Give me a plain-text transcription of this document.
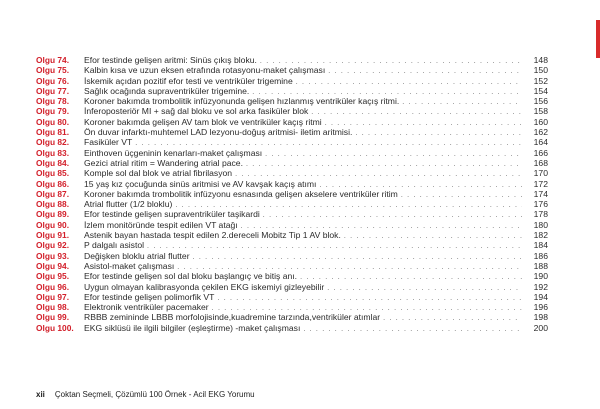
Olgu 74.	Efor testinde gelişen aritmi: Sinüs çıkış bloku. . . .	148
Olgu 75.	Kalbin kısa ve uzun eksen etrafında rotasyonu-maket çalışması . . .	150
Olgu 76.	İskemik açıdan pozitif efor testi ve ventriküler trigemine . . .	152
Olgu 77.	Sağlık ocağında supraventriküler trigemine. . . .	154
Olgu 78.	Koroner bakımda trombolitik infüzyonunda gelişen hızlanmış ventriküler kaçış ritmi. . . .	156
Olgu 79.	İnferoposteriör MI + sağ dal bloku ve sol arka fasiküler blok . . .	158
Olgu 80.	Koroner bakımda gelişen AV tam blok ve ventriküler kaçış ritmi . . .	160
Olgu 81.	Ön duvar infarktı-muhtemel LAD lezyonu-doğuş aritmisi- iletim aritmisi. . . .	162
Olgu 82.	Fasiküler VT . . .	164
Olgu 83.	Einthoven üçgeninin kenarları-maket çalışması . . .	166
Olgu 84.	Gezici atrial ritim = Wandering atrial pace. . . .	168
Olgu 85.	Komple sol dal blok ve atrial fibrilasyon . . .	170
Olgu 86.	15 yaş kız çocuğunda sinüs aritmisi ve AV kavşak kaçış atımı . . .	172
Olgu 87.	Koroner bakımda trombolitik infüzyonu esnasında gelişen akselere ventriküler ritim . . .	174
Olgu 88.	Atrial flutter (1/2 bloklu) . . .	176
Olgu 89.	Efor testinde gelişen supraventriküler taşikardi . . .	178
Olgu 90.	İzlem monitöründe tespit edilen VT atağı . . .	180
Olgu 91.	Astenik bayan hastada tespit edilen 2.dereceli Mobitz Tip 1 AV blok. . . .	182
Olgu 92.	P dalgalı asistol . . .	184
Olgu 93.	Değişken bloklu atrial flutter . . .	186
Olgu 94.	Asistol-maket çalışması . . .	188
Olgu 95.	Efor testinde gelişen sol dal bloku başlangıç ve bitiş anı. . . .	190
Olgu 96.	Uygun olmayan kalibrasyonda çekilen EKG iskemiyi gizleyebilir . . .	192
Olgu 97.	Efor testinde gelişen polimorfik VT . . .	194
Olgu 98.	Elektronik ventriküler pacemaker . . .	196
Olgu 99.	RBBB zemininde LBBB morfolojisinde,kuadremine tarzında,ventriküler atımlar . . .	198
Olgu 100.	EKG siklüsü ile ilgili bilgiler (eşleştirme) -maket çalışması . . .	200
xii Çoktan Seçmeli, Çözümlü 100 Örnek - Acil EKG Yorumu
